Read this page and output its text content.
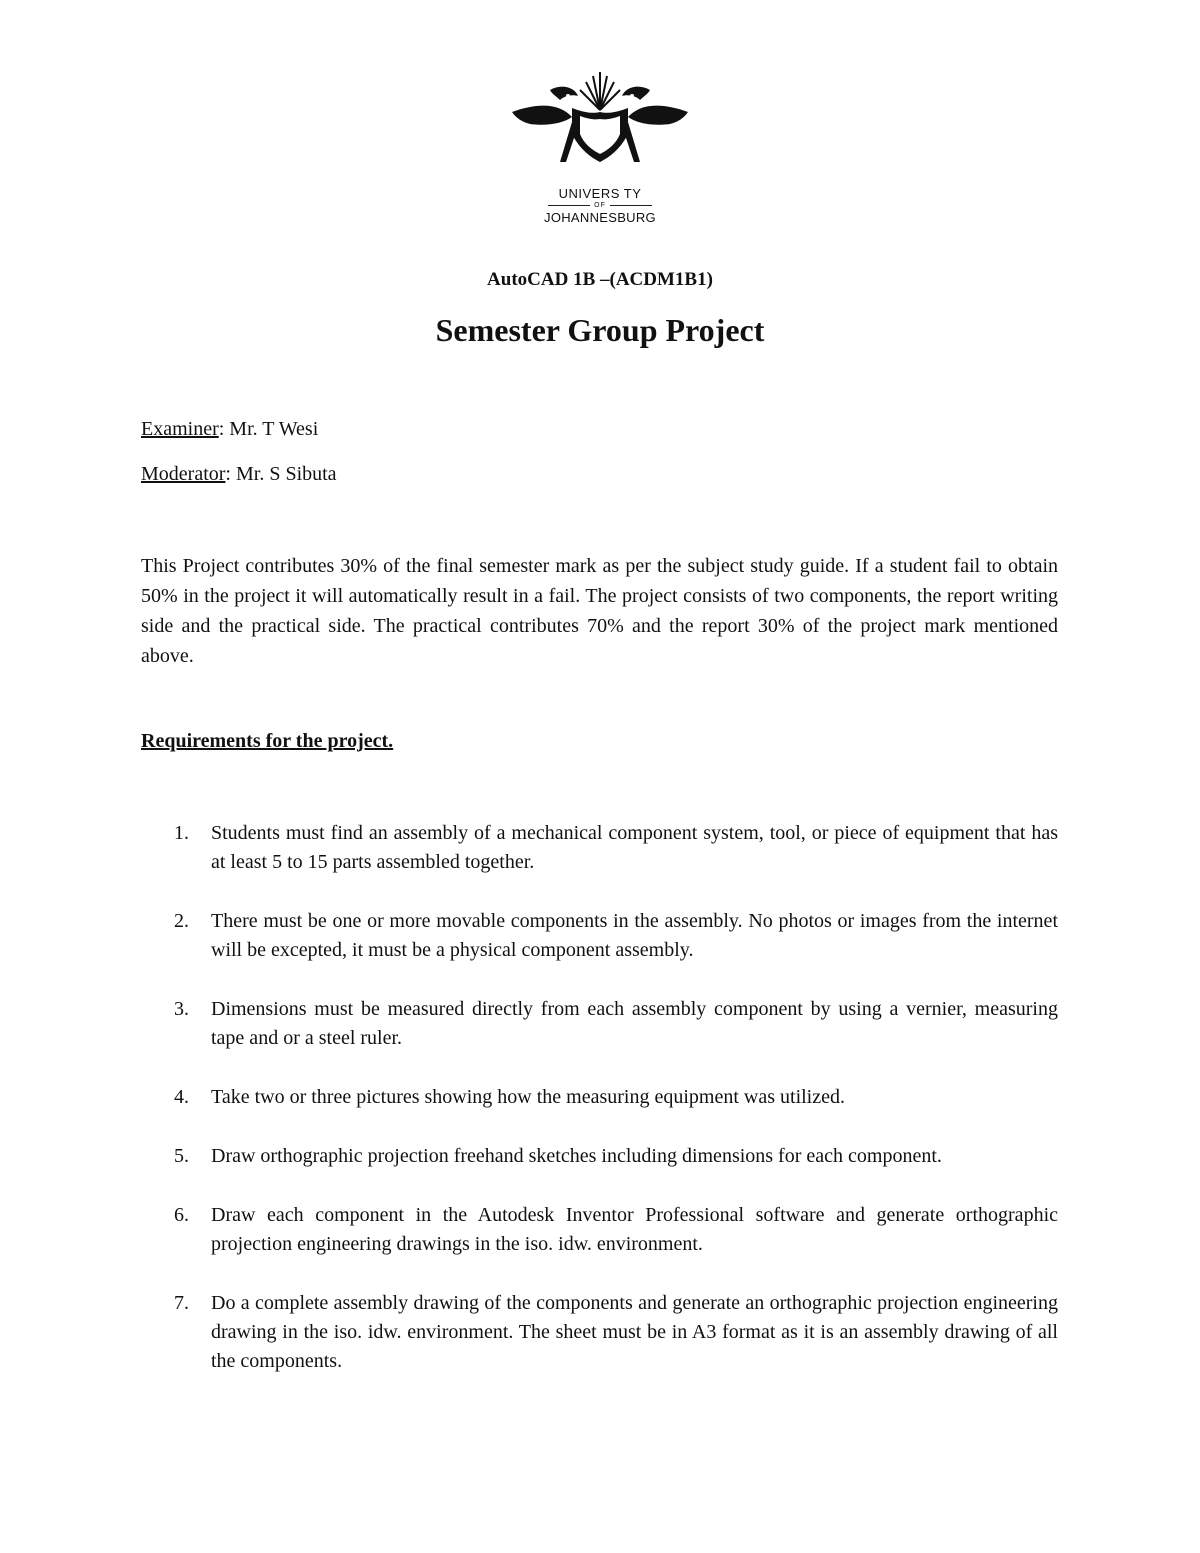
UNIVERS TY
OF
JOHANNESBURG
AutoCAD 1B –(ACDM1B1)
Semester Group Project
Examiner: Mr. T Wesi
Moderator: Mr. S Sibuta

This Project contributes 30% of the final semester mark as per the subject study guide. If a student fail to obtain 50% in the project it will automatically result in a fail. The project consists of two components, the report writing side and the practical side. The practical contributes 70% and the report 30% of the project mark mentioned above.

Requirements for the project.
1. Students must find an assembly of a mechanical component system, tool, or piece of equipment that has at least 5 to 15 parts assembled together.
2. There must be one or more movable components in the assembly. No photos or images from the internet will be excepted, it must be a physical component assembly.
3. Dimensions must be measured directly from each assembly component by using a vernier, measuring tape and or a steel ruler.
4. Take two or three pictures showing how the measuring equipment was utilized.
5. Draw orthographic projection freehand sketches including dimensions for each component.
6. Draw each component in the Autodesk Inventor Professional software and generate orthographic projection engineering drawings in the iso. idw. environment.
7. Do a complete assembly drawing of the components and generate an orthographic projection engineering drawing in the iso. idw. environment. The sheet must be in A3 format as it is an assembly drawing of all the components.
